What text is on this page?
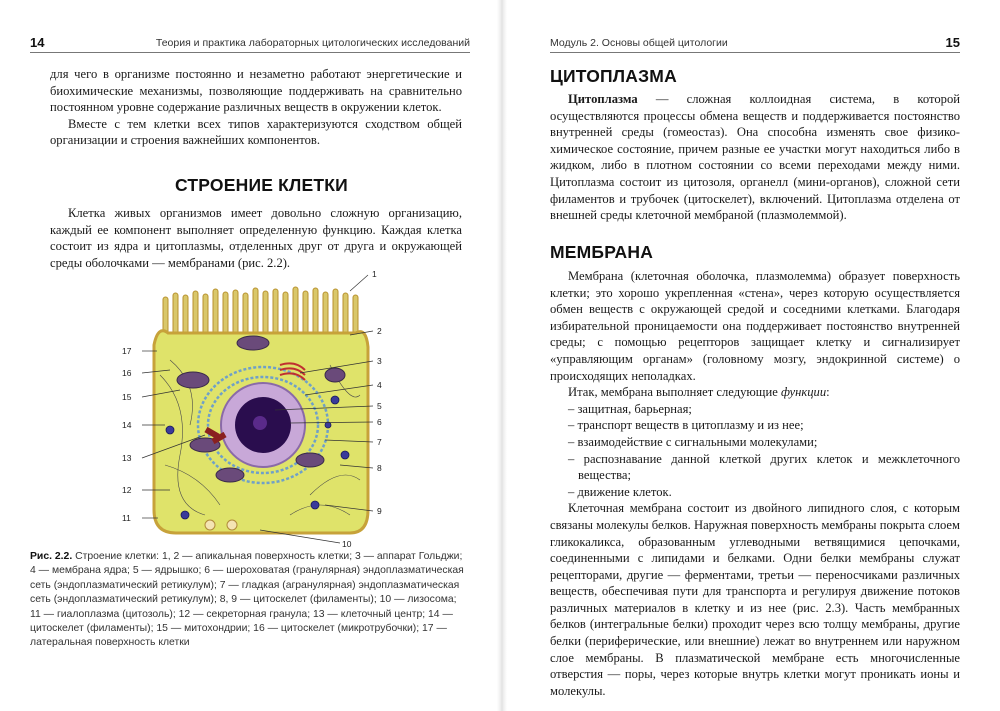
14	Теория и практика лабораторных цитологических исследований

для чего в организме постоянно и незаметно работают энергетические и биохимические механизмы, позволяющие поддерживать на сравнительно постоянном уровне содержание различных веществ в окружении клеток.

Вместе с тем клетки всех типов характеризуются сходством общей организации и строения важнейших компонентов.

СТРОЕНИЕ КЛЕТКИ

Клетка живых организмов имеет довольно сложную организацию, каждый ее компонент выполняет определенную функцию. Каждая клетка состоит из ядра и цитоплазмы, отделенных друг от друга и окружающей среды оболочками — мембранами (рис. 2.2).

1
2
3
4
5
6
7
8
9
10
11
12
13
14
15
16
17
Рис. 2.2. Строение клетки: 1, 2 — апикальная поверхность клетки; 3 — аппарат Гольджи; 4 — мембрана ядра; 5 — ядрышко; 6 — шероховатая (гранулярная) эндоплазматическая сеть (эндоплазматический ретикулум); 7 — гладкая (агранулярная) эндоплазматическая сеть (эндоплазматический ретикулум); 8, 9 — цитоскелет (филаменты); 10 — лизосома; 11 — гиалоплазма (цитозоль); 12 — секреторная гранула; 13 — клеточный центр; 14 — цитоскелет (филаменты); 15 — митохондрии; 16 — цитоскелет (микротрубочки); 17 — латеральная поверхность клетки
Модуль 2. Основы общей цитологии	15
ЦИТОПЛАЗМА

Цитоплазма — сложная коллоидная система, в которой осуществляются процессы обмена веществ и поддерживается постоянство внутренней среды (гомеостаз). Она способна изменять свое физико-химическое состояние, причем разные ее участки могут находиться либо в жидком, либо в плотном состоянии со всеми переходами между ними. Цитоплазма состоит из цитозоля, органелл (мини-органов), сложной сети филаментов и трубочек (цитоскелет), включений. Цитоплазма отделена от внешней среды клеточной мембраной (плазмолеммой).

МЕМБРАНА

Мембрана (клеточная оболочка, плазмолемма) образует поверхность клетки; это хорошо укрепленная «стена», через которую осуществляется обмен веществ с окружающей средой и соседними клетками. Благодаря избирательной проницаемости она поддерживает постоянство внутренней среды; с помощью рецепторов защищает клетку и сигнализирует «управляющим органам» (головному мозгу, эндокринной системе) о происходящих неполадках.

Итак, мембрана выполняет следующие функции:

– защитная, барьерная;
– транспорт веществ в цитоплазму и из нее;
– взаимодействие с сигнальными молекулами;
– распознавание данной клеткой других клеток и межклеточного вещества;
– движение клеток.

Клеточная мембрана состоит из двойного липидного слоя, с которым связаны молекулы белков. Наружная поверхность мембраны покрыта слоем гликокаликса, образованным углеводными ветвящимися цепочками, соединенными с липидами и белками. Одни белки мембраны служат рецепторами, другие — ферментами, третьи — переносчиками различных веществ, обеспечивая пути для транспорта и регулируя движение потоков различных материалов в клетку и из нее (рис. 2.3). Часть мембранных белков (интегральные белки) проходит через всю толщу мембраны, другие белки (периферические, или внешние) лежат во внутреннем или наружном слое мембраны. В плазматической мембране есть многочисленные отверстия — поры, через которые внутрь клетки могут проникать ионы и молекулы.
